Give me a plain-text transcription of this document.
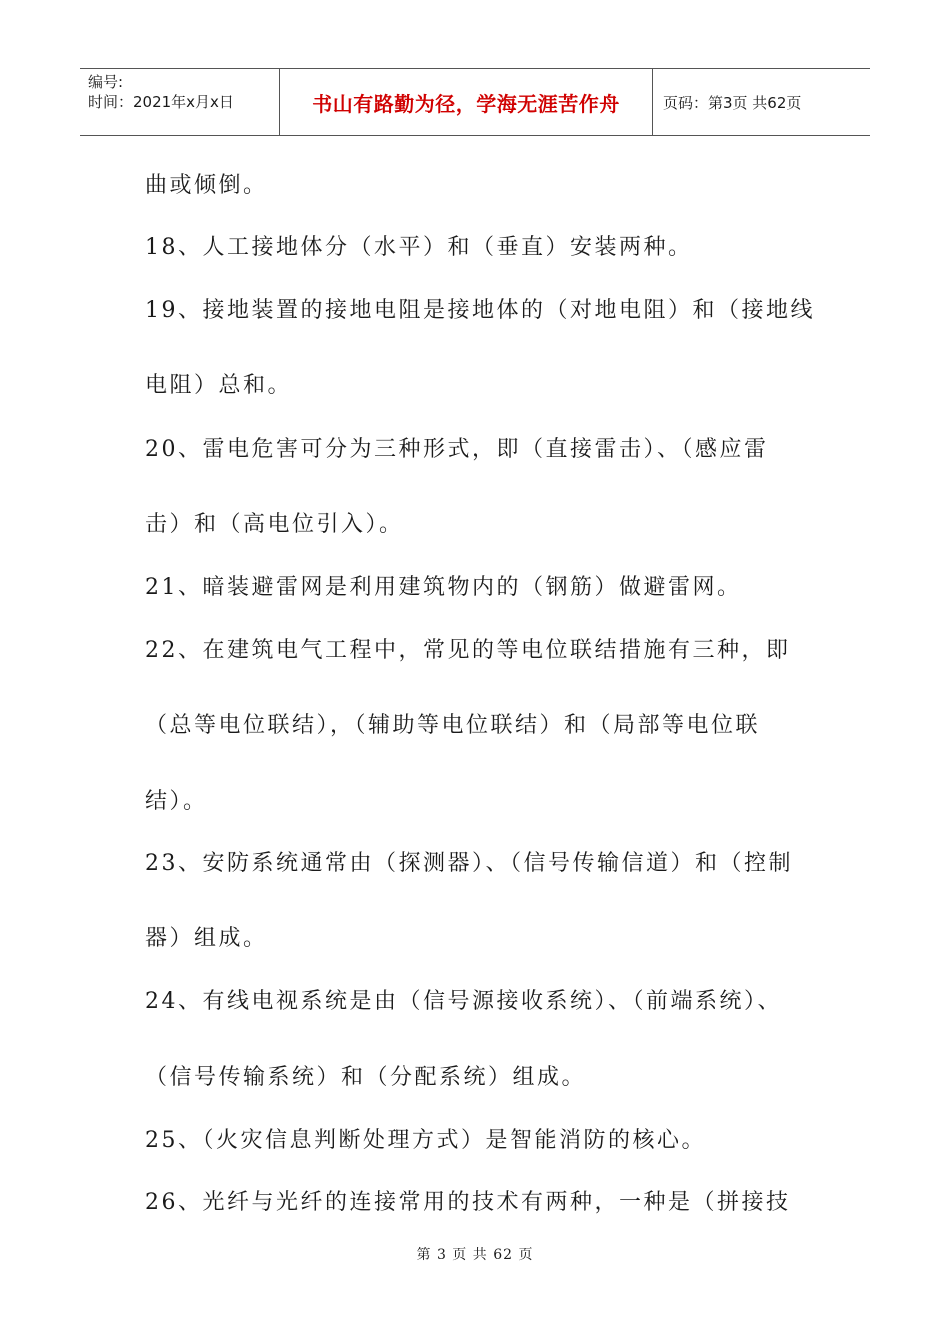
编号:
时间：2021年x月x日	书山有路勤为径，学海无涯苦作舟	页码：第3页 共62页

曲或倾倒。

18、人工接地体分（水平）和（垂直）安装两种。

19、接地装置的接地电阻是接地体的（对地电阻）和（接地线

电阻）总和。

20、雷电危害可分为三种形式，即（直接雷击）、（感应雷

击）和（高电位引入）。

21、暗装避雷网是利用建筑物内的（钢筋）做避雷网。

22、在建筑电气工程中，常见的等电位联结措施有三种，即

（总等电位联结），（辅助等电位联结）和（局部等电位联

结）。

23、安防系统通常由（探测器）、（信号传输信道）和（控制

器）组成。

24、有线电视系统是由（信号源接收系统）、（前端系统）、

（信号传输系统）和（分配系统）组成。

25、（火灾信息判断处理方式）是智能消防的核心。

26、光纤与光纤的连接常用的技术有两种，一种是（拼接技

第 3 页 共 62 页
